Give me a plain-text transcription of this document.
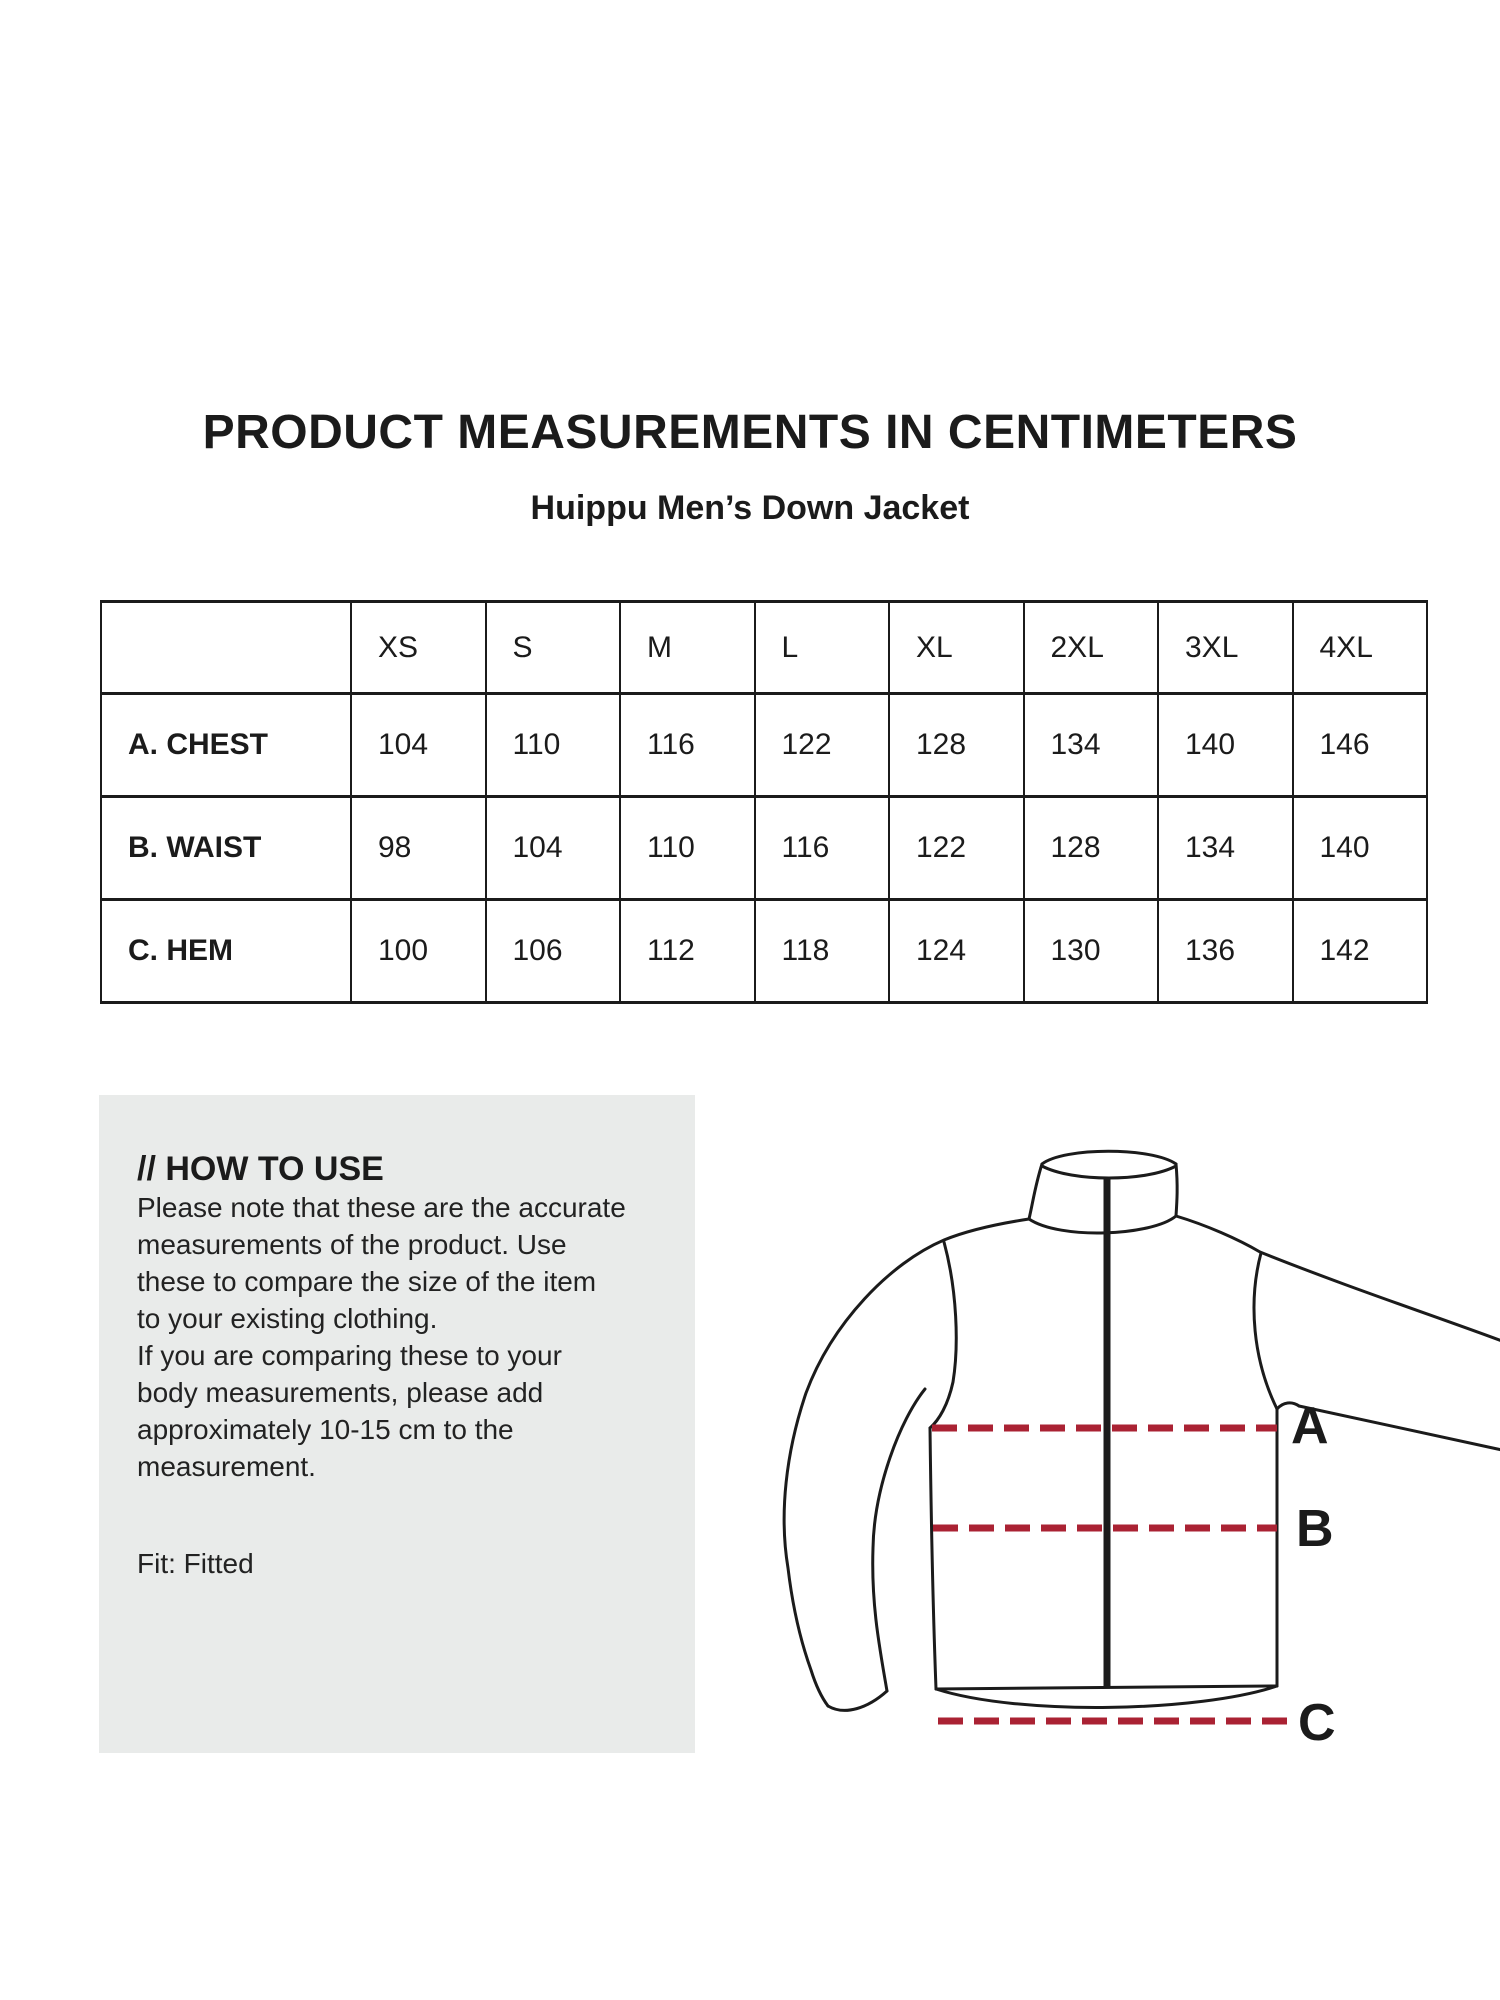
PRODUCT MEASUREMENTS IN CENTIMETERS
Huippu Men’s Down Jacket
	XS	S	M	L	XL	2XL	3XL	4XL
A. CHEST	104	110	116	122	128	134	140	146
B. WAIST	98	104	110	116	122	128	134	140
C. HEM	100	106	112	118	124	130	136	142
// HOW TO USE

Please note that these are the accurate measurements of the product. Use these to compare the size of the item to your existing clothing.

If you are comparing these to your body measurements, please add approximately 10-15 cm to the measurement.

Fit: Fitted

A
B
C
